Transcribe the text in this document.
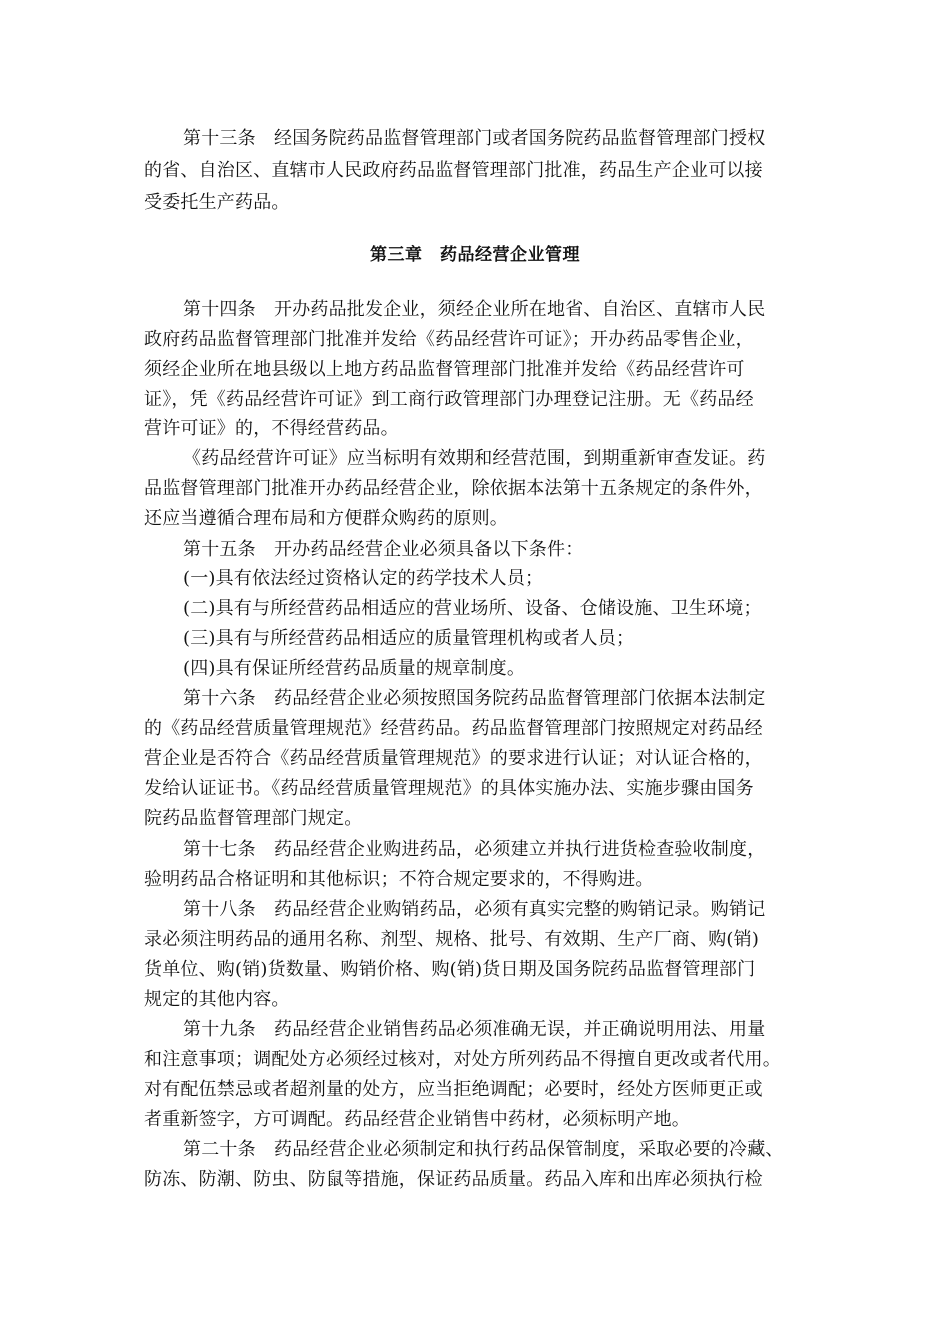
第十三条　经国务院药品监督管理部门或者国务院药品监督管理部门授权
的省、自治区、直辖市人民政府药品监督管理部门批准，药品生产企业可以接
受委托生产药品。
第三章　药品经营企业管理
第十四条　开办药品批发企业，须经企业所在地省、自治区、直辖市人民
政府药品监督管理部门批准并发给《药品经营许可证》；开办药品零售企业，
须经企业所在地县级以上地方药品监督管理部门批准并发给《药品经营许可
证》，凭《药品经营许可证》到工商行政管理部门办理登记注册。无《药品经
营许可证》的，不得经营药品。
《药品经营许可证》应当标明有效期和经营范围，到期重新审查发证。药
品监督管理部门批准开办药品经营企业，除依据本法第十五条规定的条件外，
还应当遵循合理布局和方便群众购药的原则。
第十五条　开办药品经营企业必须具备以下条件：
(一)具有依法经过资格认定的药学技术人员；
(二)具有与所经营药品相适应的营业场所、设备、仓储设施、卫生环境；
(三)具有与所经营药品相适应的质量管理机构或者人员；
(四)具有保证所经营药品质量的规章制度。
第十六条　药品经营企业必须按照国务院药品监督管理部门依据本法制定
的《药品经营质量管理规范》经营药品。药品监督管理部门按照规定对药品经
营企业是否符合《药品经营质量管理规范》的要求进行认证；对认证合格的，
发给认证证书。《药品经营质量管理规范》的具体实施办法、实施步骤由国务
院药品监督管理部门规定。
第十七条　药品经营企业购进药品，必须建立并执行进货检查验收制度，
验明药品合格证明和其他标识；不符合规定要求的，不得购进。
第十八条　药品经营企业购销药品，必须有真实完整的购销记录。购销记
录必须注明药品的通用名称、剂型、规格、批号、有效期、生产厂商、购(销)
货单位、购(销)货数量、购销价格、购(销)货日期及国务院药品监督管理部门
规定的其他内容。
第十九条　药品经营企业销售药品必须准确无误，并正确说明用法、用量
和注意事项；调配处方必须经过核对，对处方所列药品不得擅自更改或者代用。
对有配伍禁忌或者超剂量的处方，应当拒绝调配；必要时，经处方医师更正或
者重新签字，方可调配。药品经营企业销售中药材，必须标明产地。
第二十条　药品经营企业必须制定和执行药品保管制度，采取必要的冷藏、
防冻、防潮、防虫、防鼠等措施，保证药品质量。药品入库和出库必须执行检
